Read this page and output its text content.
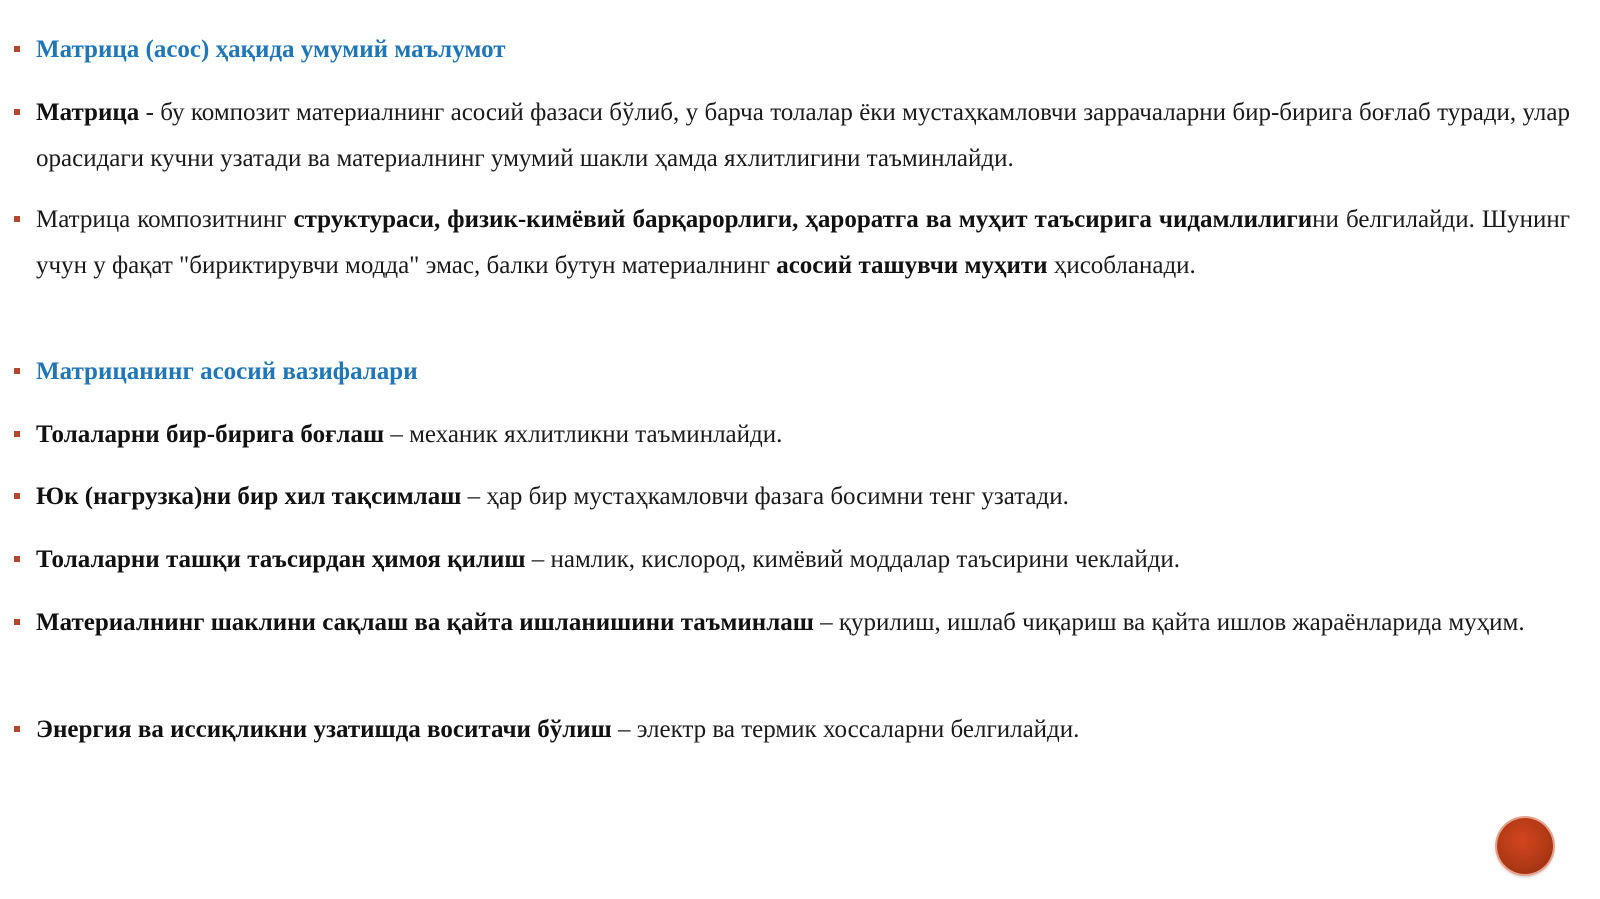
Матрица (асос) ҳақида умумий маълумот
Матрица - бу композит материалнинг асосий фазаси бўлиб, у барча толалар ёки мустаҳкамловчи заррачаларни бир-бирига боғлаб туради, улар орасидаги кучни узатади ва материалнинг умумий шакли ҳамда яхлитлигини таъминлайди.
Матрица композитнинг структураси, физик-кимёвий барқарорлиги, ҳароратга ва муҳит таъсирига чидамлилигини белгилайди. Шунинг учун у фақат "бириктирувчи модда" эмас, балки бутун материалнинг асосий ташувчи муҳити ҳисобланади.
Матрицанинг асосий вазифалари
Толаларни бир-бирига боғлаш – механик яхлитликни таъминлайди.
Юк (нагрузка)ни бир хил тақсимлаш – ҳар бир мустаҳкамловчи фазага босимни тенг узатади.
Толаларни ташқи таъсирдан ҳимоя қилиш – намлик, кислород, кимёвий моддалар таъсирини чеклайди.
Материалнинг шаклини сақлаш ва қайта ишланишини таъминлаш – қурилиш, ишлаб чиқариш ва қайта ишлов жараёнларида муҳим.
Энергия ва иссиқликни узатишда воситачи бўлиш – электр ва термик хоссаларни белгилайди.
